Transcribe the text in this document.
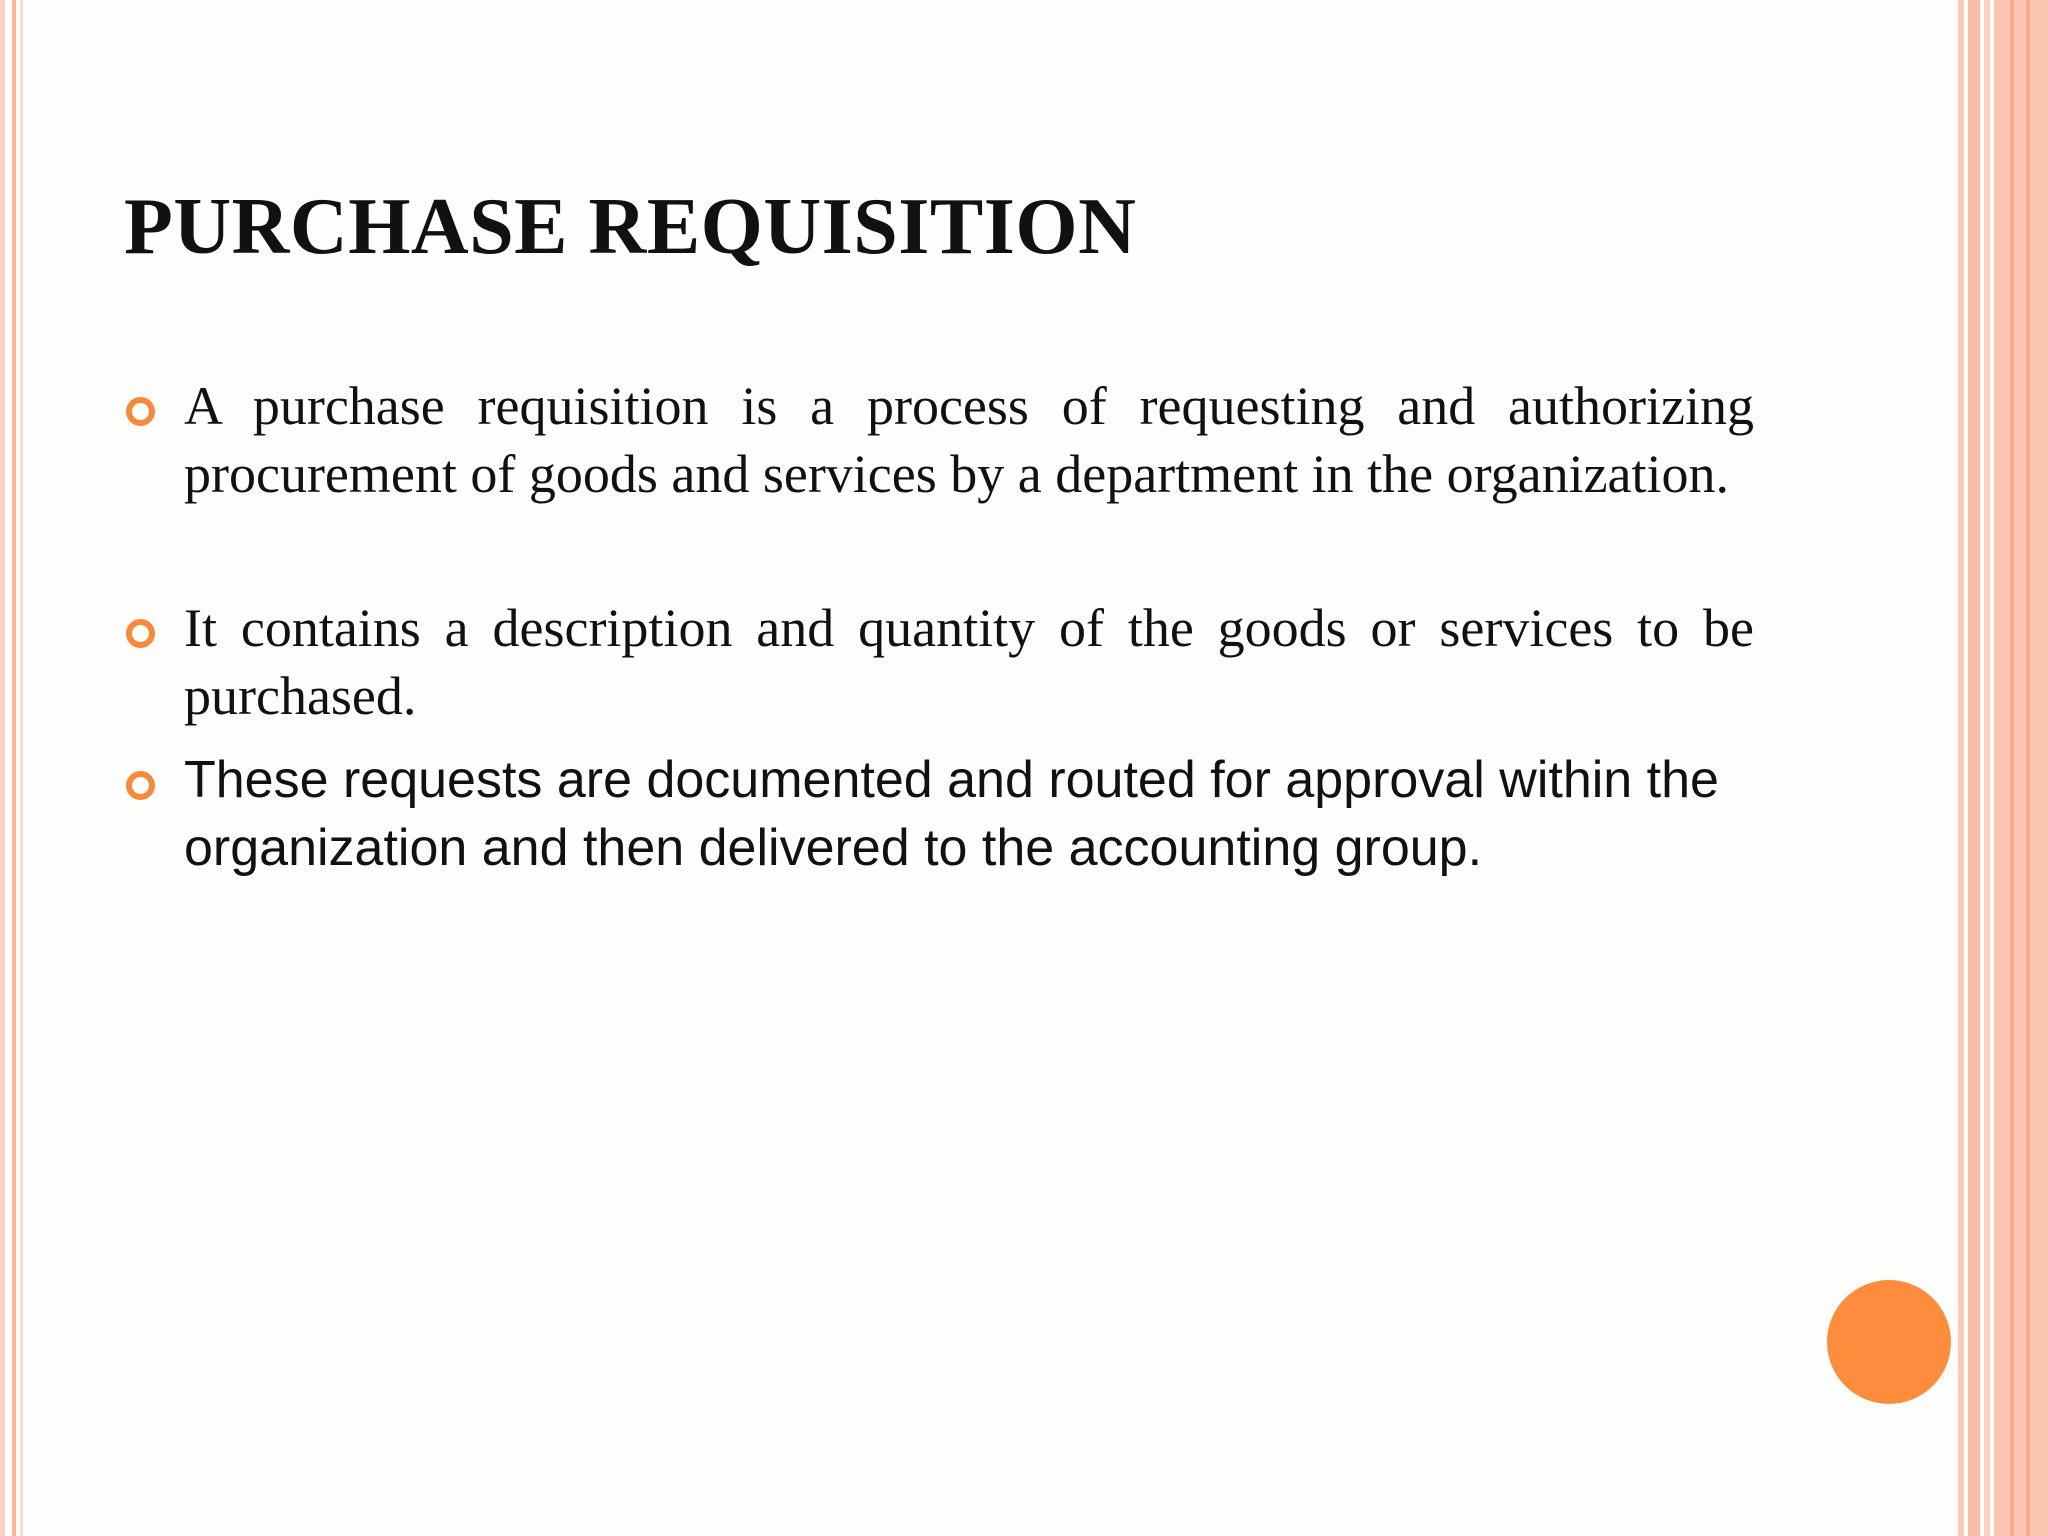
PURCHASE REQUISITION

A purchase requisition is a process of requesting and authorizing procurement of goods and services by a department in the organization.

It contains a description and quantity of the goods or services to be purchased.

These requests are documented and routed for approval within the organization and then delivered to the accounting group.
